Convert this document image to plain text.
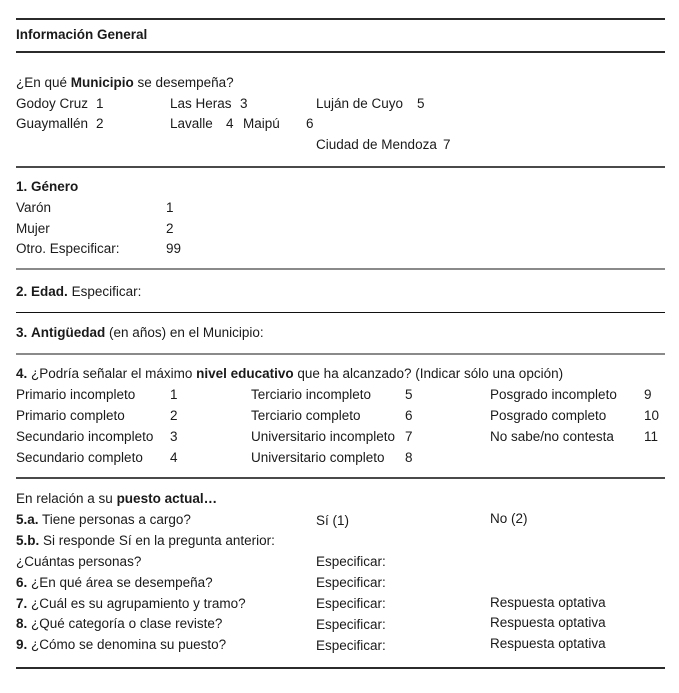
Información General
¿En qué Municipio se desempeña?
Godoy Cruz 1
Guaymallén 2
Las Heras 3
Lavalle 4
Luján de Cuyo 5
Maipú 6
Ciudad de Mendoza 7
1. Género
Varón	1
Mujer	2
Otro. Especificar:	99
2. Edad. Especificar:
3. Antigüedad (en años) en el Municipio:
4. ¿Podría señalar el máximo nivel educativo que ha alcanzado? (Indicar sólo una opción)
Primario incompleto	1
Primario completo	2
Secundario incompleto 3
Secundario completo 4
Terciario incompleto	5
Terciario completo	6
Universitario incompleto 7
Universitario completo 8
Posgrado incompleto 9
Posgrado completo	10
No sabe/no contesta 11
En relación a su puesto actual…
5.a. Tiene personas a cargo?	Sí (1)	No (2)
5.b. Si responde Sí en la pregunta anterior:
¿Cuántas personas?	Especificar:
6. ¿En qué área se desempeña?	Especificar:
7. ¿Cuál es su agrupamiento y tramo?	Especificar:	Respuesta optativa
8. ¿Qué categoría o clase reviste?	Especificar:	Respuesta optativa
9. ¿Cómo se denomina su puesto?	Especificar:	Respuesta optativa
